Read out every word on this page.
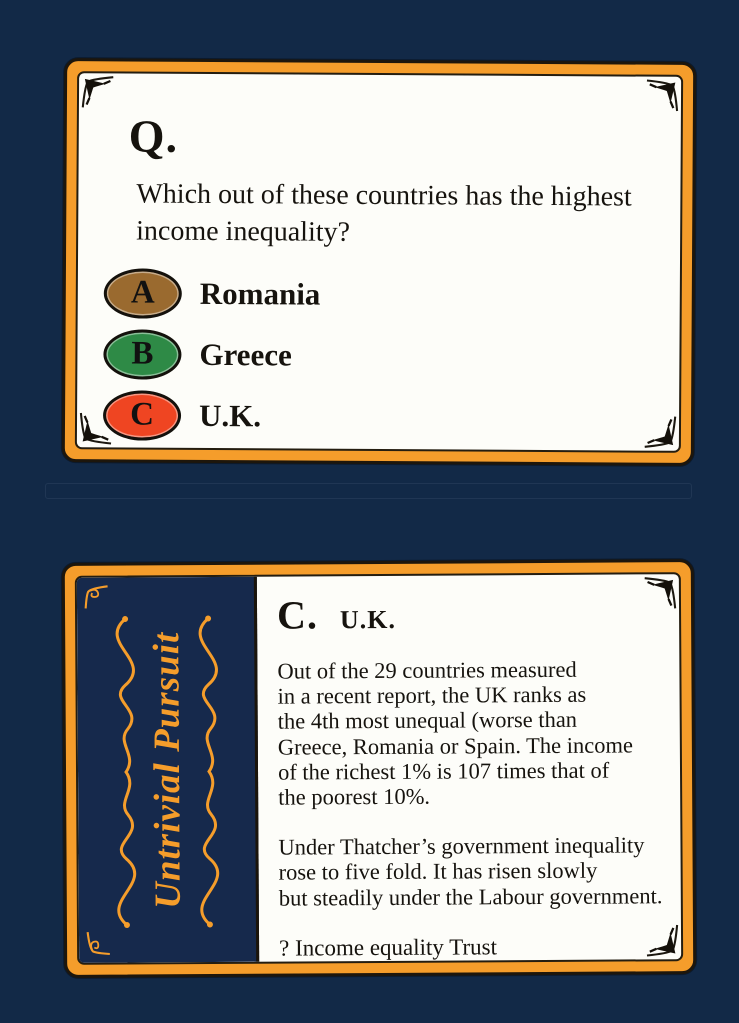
Q.
Which out of these countries has the highest
income inequality?
A	Romania
B	Greece
C	U.K.
Untrivial Pursuit
C. U.K.

Out of the 29 countries measured
in a recent report, the UK ranks as
the 4th most unequal (worse than
Greece, Romania or Spain. The income
of the richest 1% is 107 times that of
the poorest 10%.

Under Thatcher’s government inequality
rose to five fold. It has risen slowly
but steadily under the Labour government.

? Income equality Trust
